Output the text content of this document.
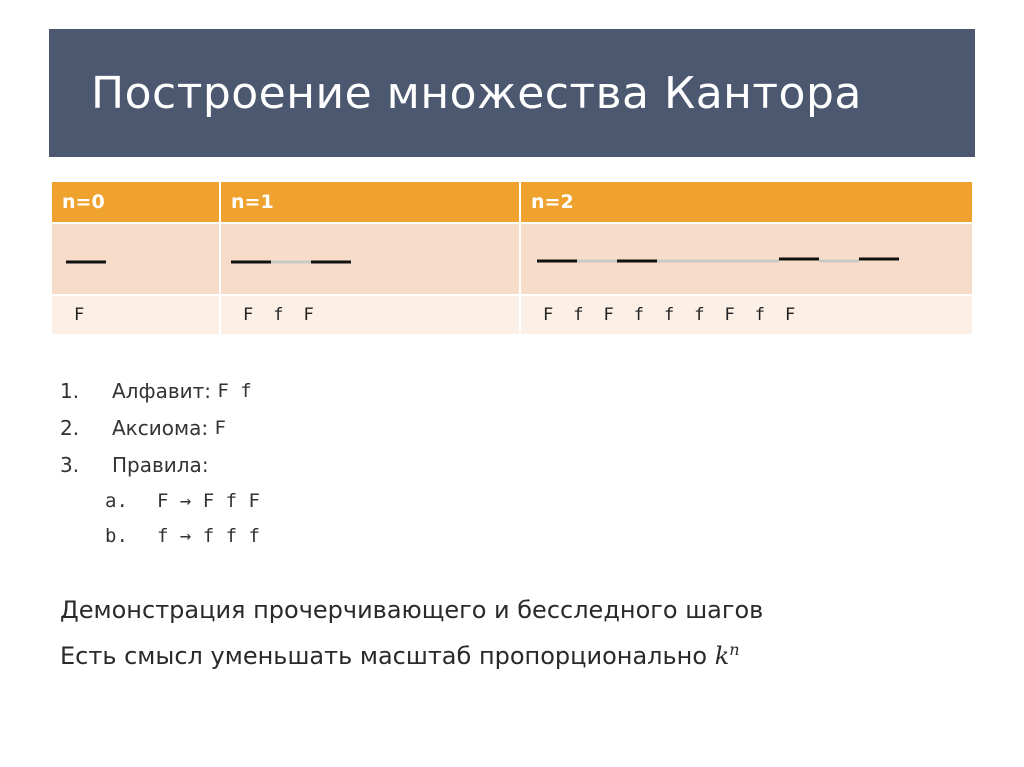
Построение множества Кантора
n=0	n=1	n=2

F	F f F	F f F f f f F f F
1.	Алфавит:
F f
2.	Аксиома:
F
3.	Правила:
a.	F → F f F
b.	f → f f f
Демонстрация прочерчивающего и бесследного шагов
Есть смысл уменьшать масштаб пропорционально $k^n$
